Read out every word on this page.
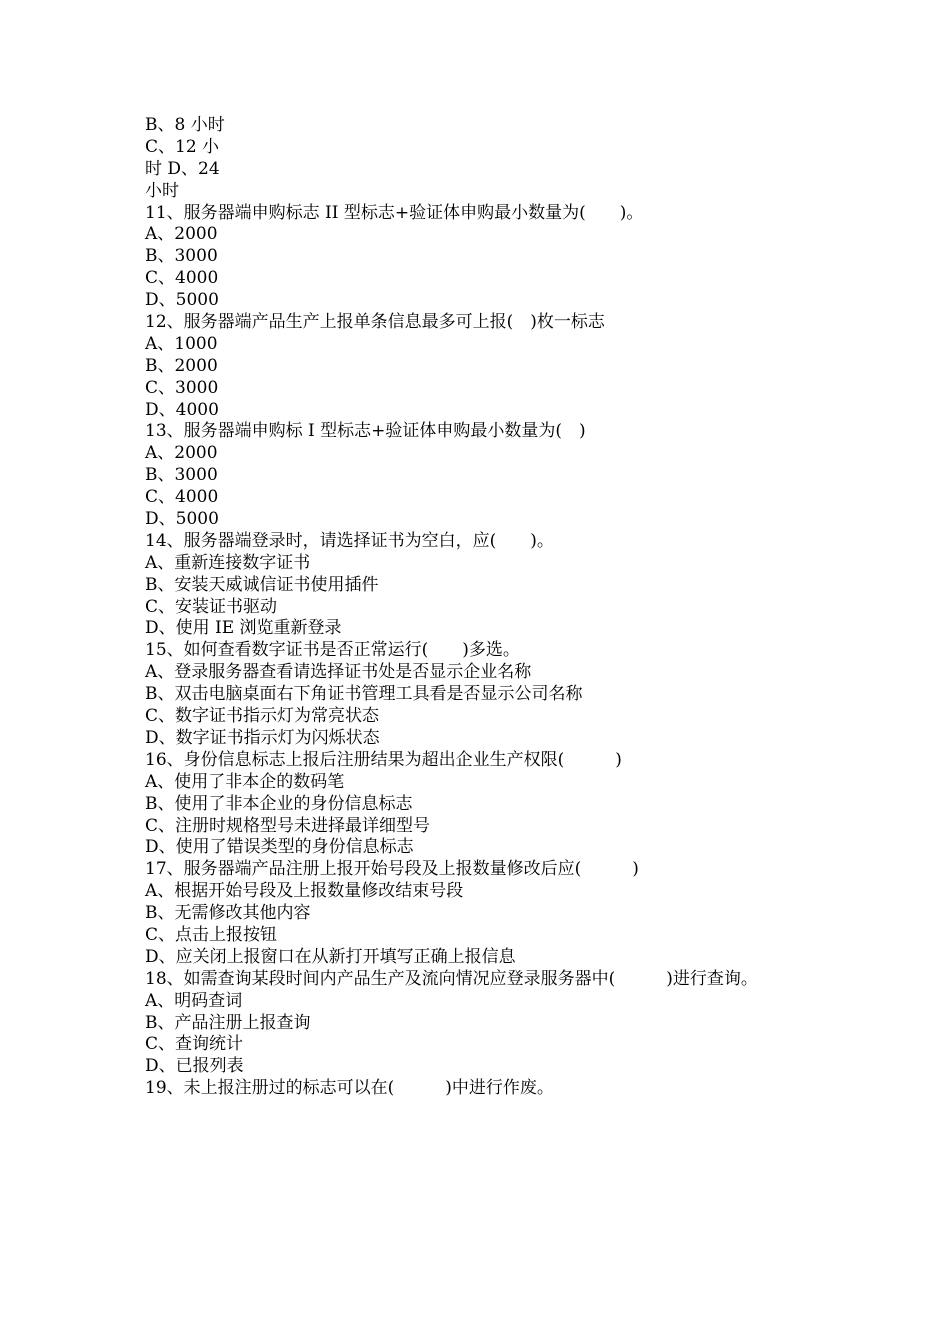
B、8 小时

C、12 小

时 D、24

小时

11、服务器端申购标志 II 型标志+验证体申购最小数量为(　　)。

A、2000

B、3000

C、4000

D、5000

12、服务器端产品生产上报单条信息最多可上报(　)枚一标志

A、1000

B、2000

C、3000

D、4000

13、服务器端申购标 I 型标志+验证体申购最小数量为(　)

A、2000

B、3000

C、4000

D、5000

14、服务器端登录时，请选择证书为空白，应(　　)。

A、重新连接数字证书

B、安装天威诚信证书使用插件

C、安装证书驱动

D、使用 IE 浏览重新登录

15、如何查看数字证书是否正常运行(　　)多选。

A、登录服务器查看请选择证书处是否显示企业名称

B、双击电脑桌面右下角证书管理工具看是否显示公司名称

C、数字证书指示灯为常亮状态

D、数字证书指示灯为闪烁状态

16、身份信息标志上报后注册结果为超出企业生产权限(　　　)

A、使用了非本企的数码笔

B、使用了非本企业的身份信息标志

C、注册时规格型号未进择最详细型号

D、使用了错误类型的身份信息标志

17、服务器端产品注册上报开始号段及上报数量修改后应(　　　)

A、根据开始号段及上报数量修改结束号段

B、无需修改其他内容

C、点击上报按钮

D、应关闭上报窗口在从新打开填写正确上报信息

18、如需查询某段时间内产品生产及流向情况应登录服务器中(　　　)进行查询。

A、明码查词

B、产品注册上报查询

C、查询统计

D、已报列表

19、未上报注册过的标志可以在(　　　)中进行作废。
